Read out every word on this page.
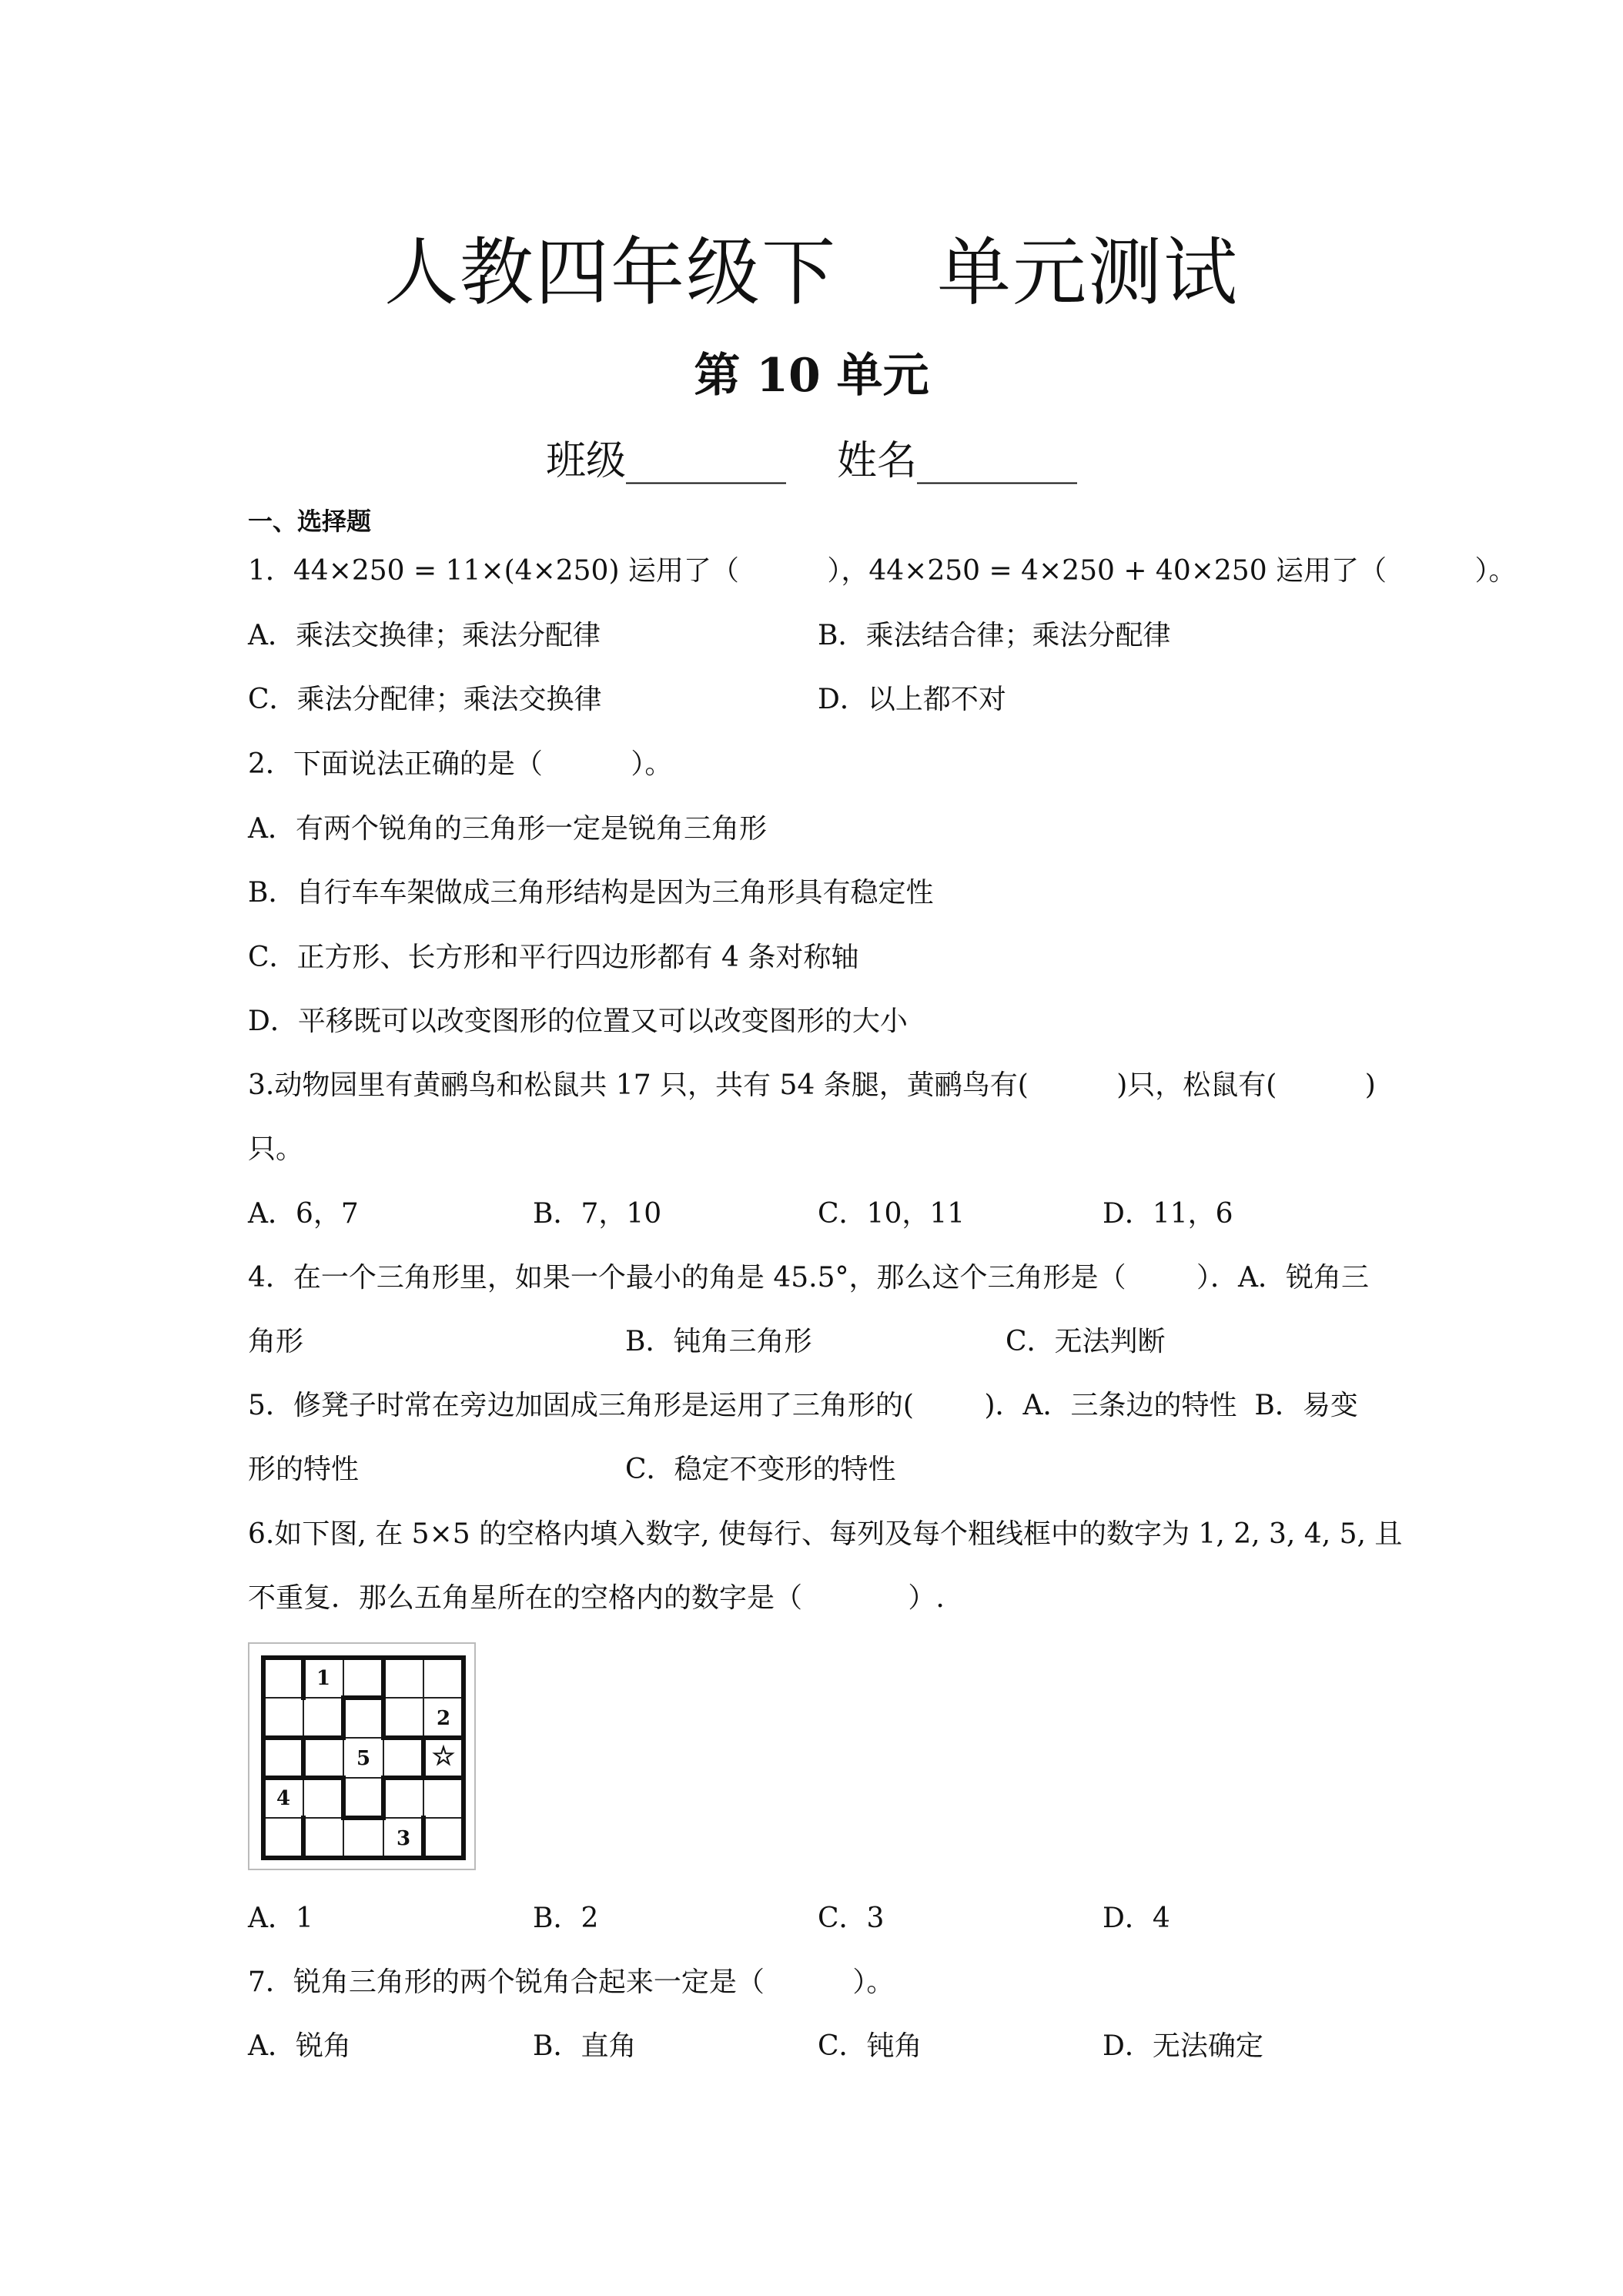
人教四年级下    单元测试
第 10 单元
班级________    姓名________
一、选择题
1．44×250 = 11×(4×250) 运用了（          ），44×250 = 4×250 + 40×250 运用了（          ）。
A．乘法交换律；乘法分配律	B．乘法结合律；乘法分配律
C．乘法分配律；乘法交换律	D．以上都不对
2．下面说法正确的是（          ）。
A．有两个锐角的三角形一定是锐角三角形
B．自行车车架做成三角形结构是因为三角形具有稳定性
C．正方形、长方形和平行四边形都有 4 条对称轴
D．平移既可以改变图形的位置又可以改变图形的大小
3.动物园里有黄鹂鸟和松鼠共 17 只，共有 54 条腿，黄鹂鸟有(          )只，松鼠有(          )
只。
A．6，7	B．7，10	C．10，11	D．11，6
4．在一个三角形里，如果一个最小的角是 45.5°，那么这个三角形是（        ）．A．锐角三
角形	B．钝角三角形	C．无法判断
5．修凳子时常在旁边加固成三角形是运用了三角形的(        )．A．三条边的特性  B．易变
形的特性	C．稳定不变形的特性
6.如下图, 在 5×5 的空格内填入数字, 使每行、每列及每个粗线框中的数字为 1, 2, 3, 4, 5, 且
不重复．那么五角星所在的空格内的数字是（            ）.
1
2
5 ☆
4
3
A．1	B．2	C．3	D．4
7．锐角三角形的两个锐角合起来一定是（          ）。
A．锐角	B．直角	C．钝角	D．无法确定
